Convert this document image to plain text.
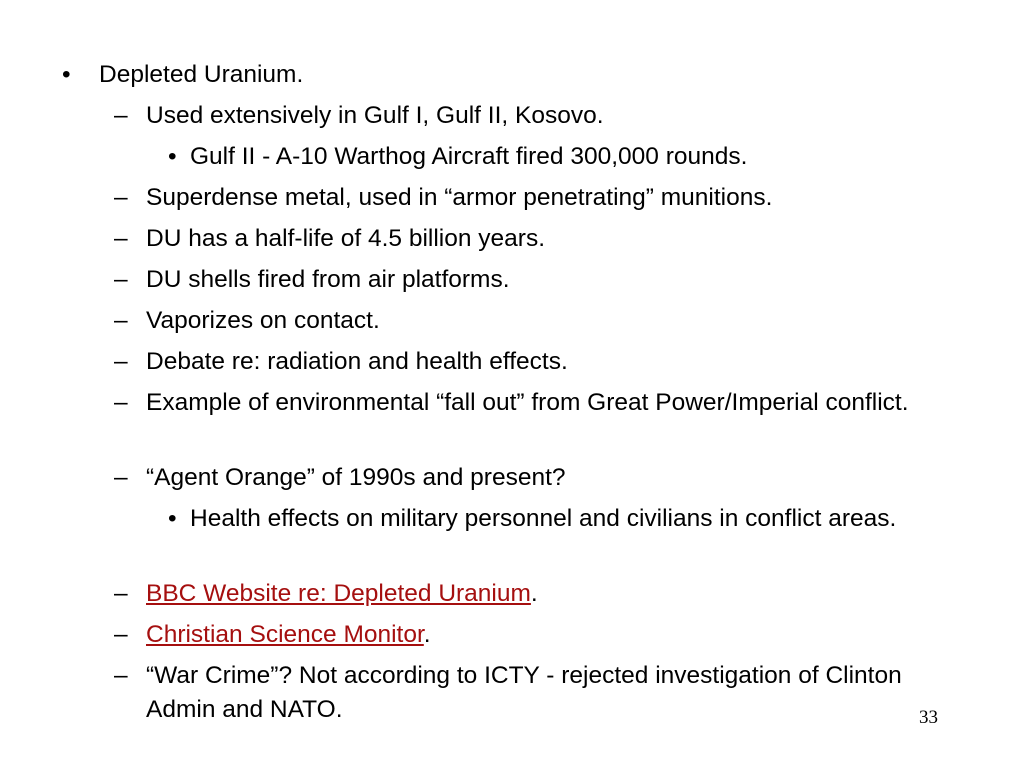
• Depleted Uranium.
– Used extensively in Gulf I, Gulf II, Kosovo.
• Gulf II - A-10 Warthog Aircraft fired 300,000 rounds.
– Superdense metal, used in “armor penetrating” munitions.
– DU has a half-life of 4.5 billion years.
– DU shells fired from air platforms.
– Vaporizes on contact.
– Debate re: radiation and health effects.
– Example of environmental “fall out” from Great Power/Imperial conflict.
– “Agent Orange” of 1990s and present?
• Health effects on military personnel and civilians in conflict areas.
– BBC Website re: Depleted Uranium.
– Christian Science Monitor.
– “War Crime”? Not according to ICTY - rejected investigation of Clinton Admin and NATO.	33
